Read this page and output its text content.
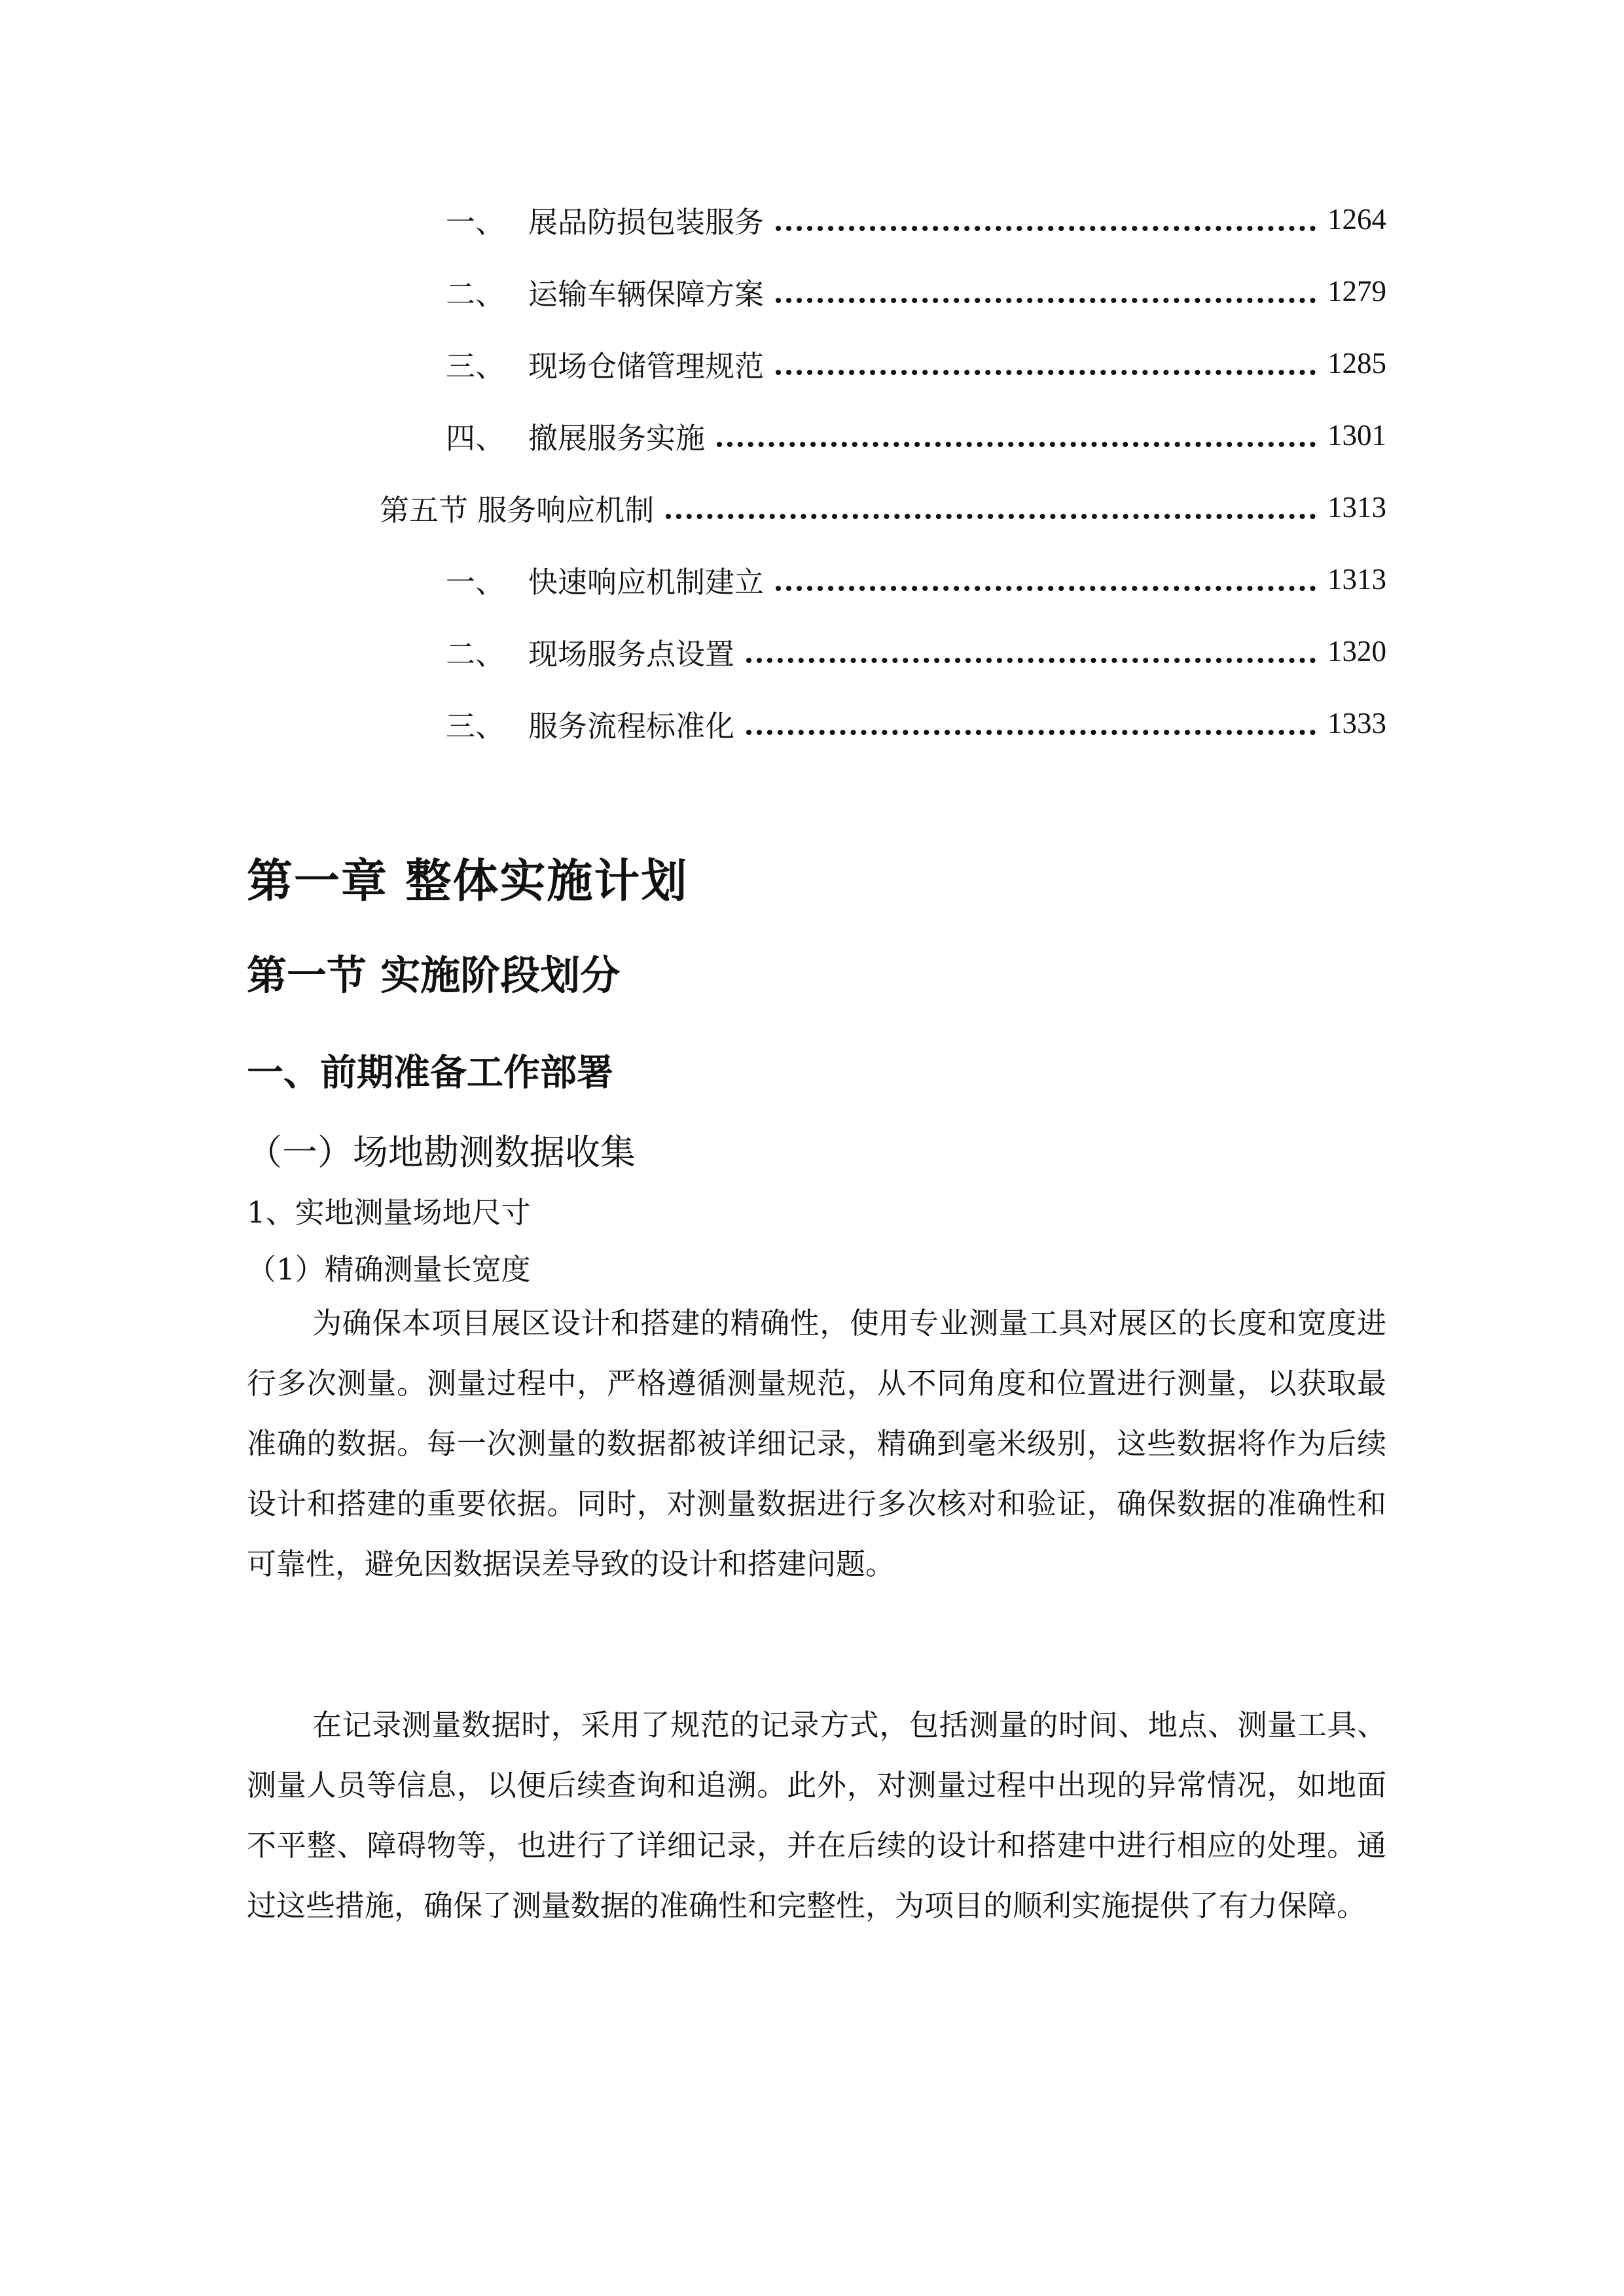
一、 展品防损包装服务	1264
二、 运输车辆保障方案	1279
三、 现场仓储管理规范	1285
四、 撤展服务实施	1301
第五节 服务响应机制	1313
一、 快速响应机制建立	1313
二、 现场服务点设置	1320
三、 服务流程标准化	1333
第一章 整体实施计划
第一节 实施阶段划分
一、前期准备工作部署
（一）场地勘测数据收集
1、实地测量场地尺寸
（1）精确测量长宽度

为确保本项目展区设计和搭建的精确性，使用专业测量工具对展区的长度和宽度进行多次测量。测量过程中，严格遵循测量规范，从不同角度和位置进行测量，以获取最准确的数据。每一次测量的数据都被详细记录，精确到毫米级别，这些数据将作为后续设计和搭建的重要依据。同时，对测量数据进行多次核对和验证，确保数据的准确性和可靠性，避免因数据误差导致的设计和搭建问题。

在记录测量数据时，采用了规范的记录方式，包括测量的时间、地点、测量工具、测量人员等信息，以便后续查询和追溯。此外，对测量过程中出现的异常情况，如地面不平整、障碍物等，也进行了详细记录，并在后续的设计和搭建中进行相应的处理。通过这些措施，确保了测量数据的准确性和完整性，为项目的顺利实施提供了有力保障。
